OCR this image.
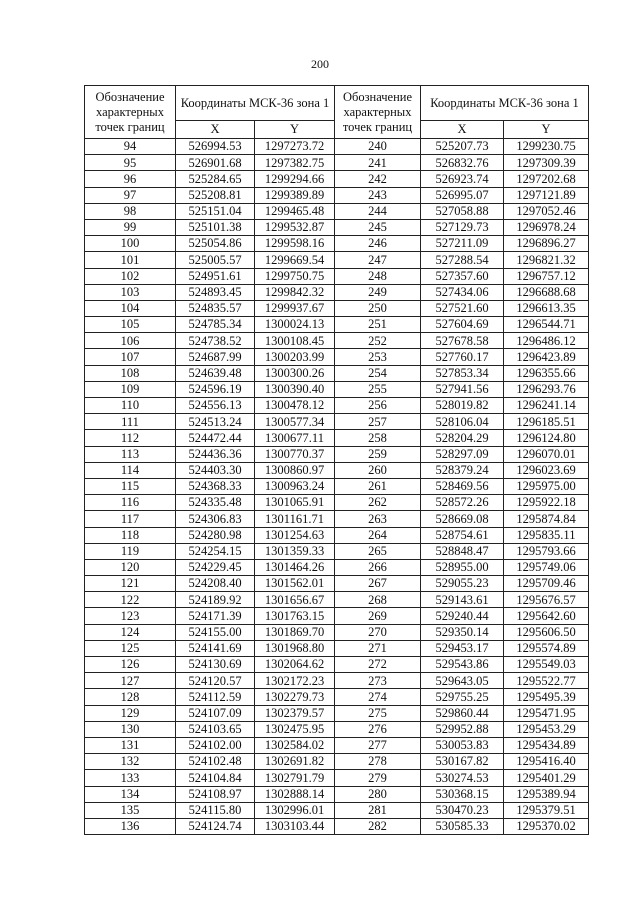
200
Обозначение характерных точек границ	Координаты МСК-36 зона 1		Обозначение характерных точек границ	Координаты МСК-36 зона 1	
	X	Y		X	Y
94	526994.53	1297273.72	240	525207.73	1299230.75
95	526901.68	1297382.75	241	526832.76	1297309.39
96	525284.65	1299294.66	242	526923.74	1297202.68
97	525208.81	1299389.89	243	526995.07	1297121.89
98	525151.04	1299465.48	244	527058.88	1297052.46
99	525101.38	1299532.87	245	527129.73	1296978.24
100	525054.86	1299598.16	246	527211.09	1296896.27
101	525005.57	1299669.54	247	527288.54	1296821.32
102	524951.61	1299750.75	248	527357.60	1296757.12
103	524893.45	1299842.32	249	527434.06	1296688.68
104	524835.57	1299937.67	250	527521.60	1296613.35
105	524785.34	1300024.13	251	527604.69	1296544.71
106	524738.52	1300108.45	252	527678.58	1296486.12
107	524687.99	1300203.99	253	527760.17	1296423.89
108	524639.48	1300300.26	254	527853.34	1296355.66
109	524596.19	1300390.40	255	527941.56	1296293.76
110	524556.13	1300478.12	256	528019.82	1296241.14
111	524513.24	1300577.34	257	528106.04	1296185.51
112	524472.44	1300677.11	258	528204.29	1296124.80
113	524436.36	1300770.37	259	528297.09	1296070.01
114	524403.30	1300860.97	260	528379.24	1296023.69
115	524368.33	1300963.24	261	528469.56	1295975.00
116	524335.48	1301065.91	262	528572.26	1295922.18
117	524306.83	1301161.71	263	528669.08	1295874.84
118	524280.98	1301254.63	264	528754.61	1295835.11
119	524254.15	1301359.33	265	528848.47	1295793.66
120	524229.45	1301464.26	266	528955.00	1295749.06
121	524208.40	1301562.01	267	529055.23	1295709.46
122	524189.92	1301656.67	268	529143.61	1295676.57
123	524171.39	1301763.15	269	529240.44	1295642.60
124	524155.00	1301869.70	270	529350.14	1295606.50
125	524141.69	1301968.80	271	529453.17	1295574.89
126	524130.69	1302064.62	272	529543.86	1295549.03
127	524120.57	1302172.23	273	529643.05	1295522.77
128	524112.59	1302279.73	274	529755.25	1295495.39
129	524107.09	1302379.57	275	529860.44	1295471.95
130	524103.65	1302475.95	276	529952.88	1295453.29
131	524102.00	1302584.02	277	530053.83	1295434.89
132	524102.48	1302691.82	278	530167.82	1295416.40
133	524104.84	1302791.79	279	530274.53	1295401.29
134	524108.97	1302888.14	280	530368.15	1295389.94
135	524115.80	1302996.01	281	530470.23	1295379.51
136	524124.74	1303103.44	282	530585.33	1295370.02
